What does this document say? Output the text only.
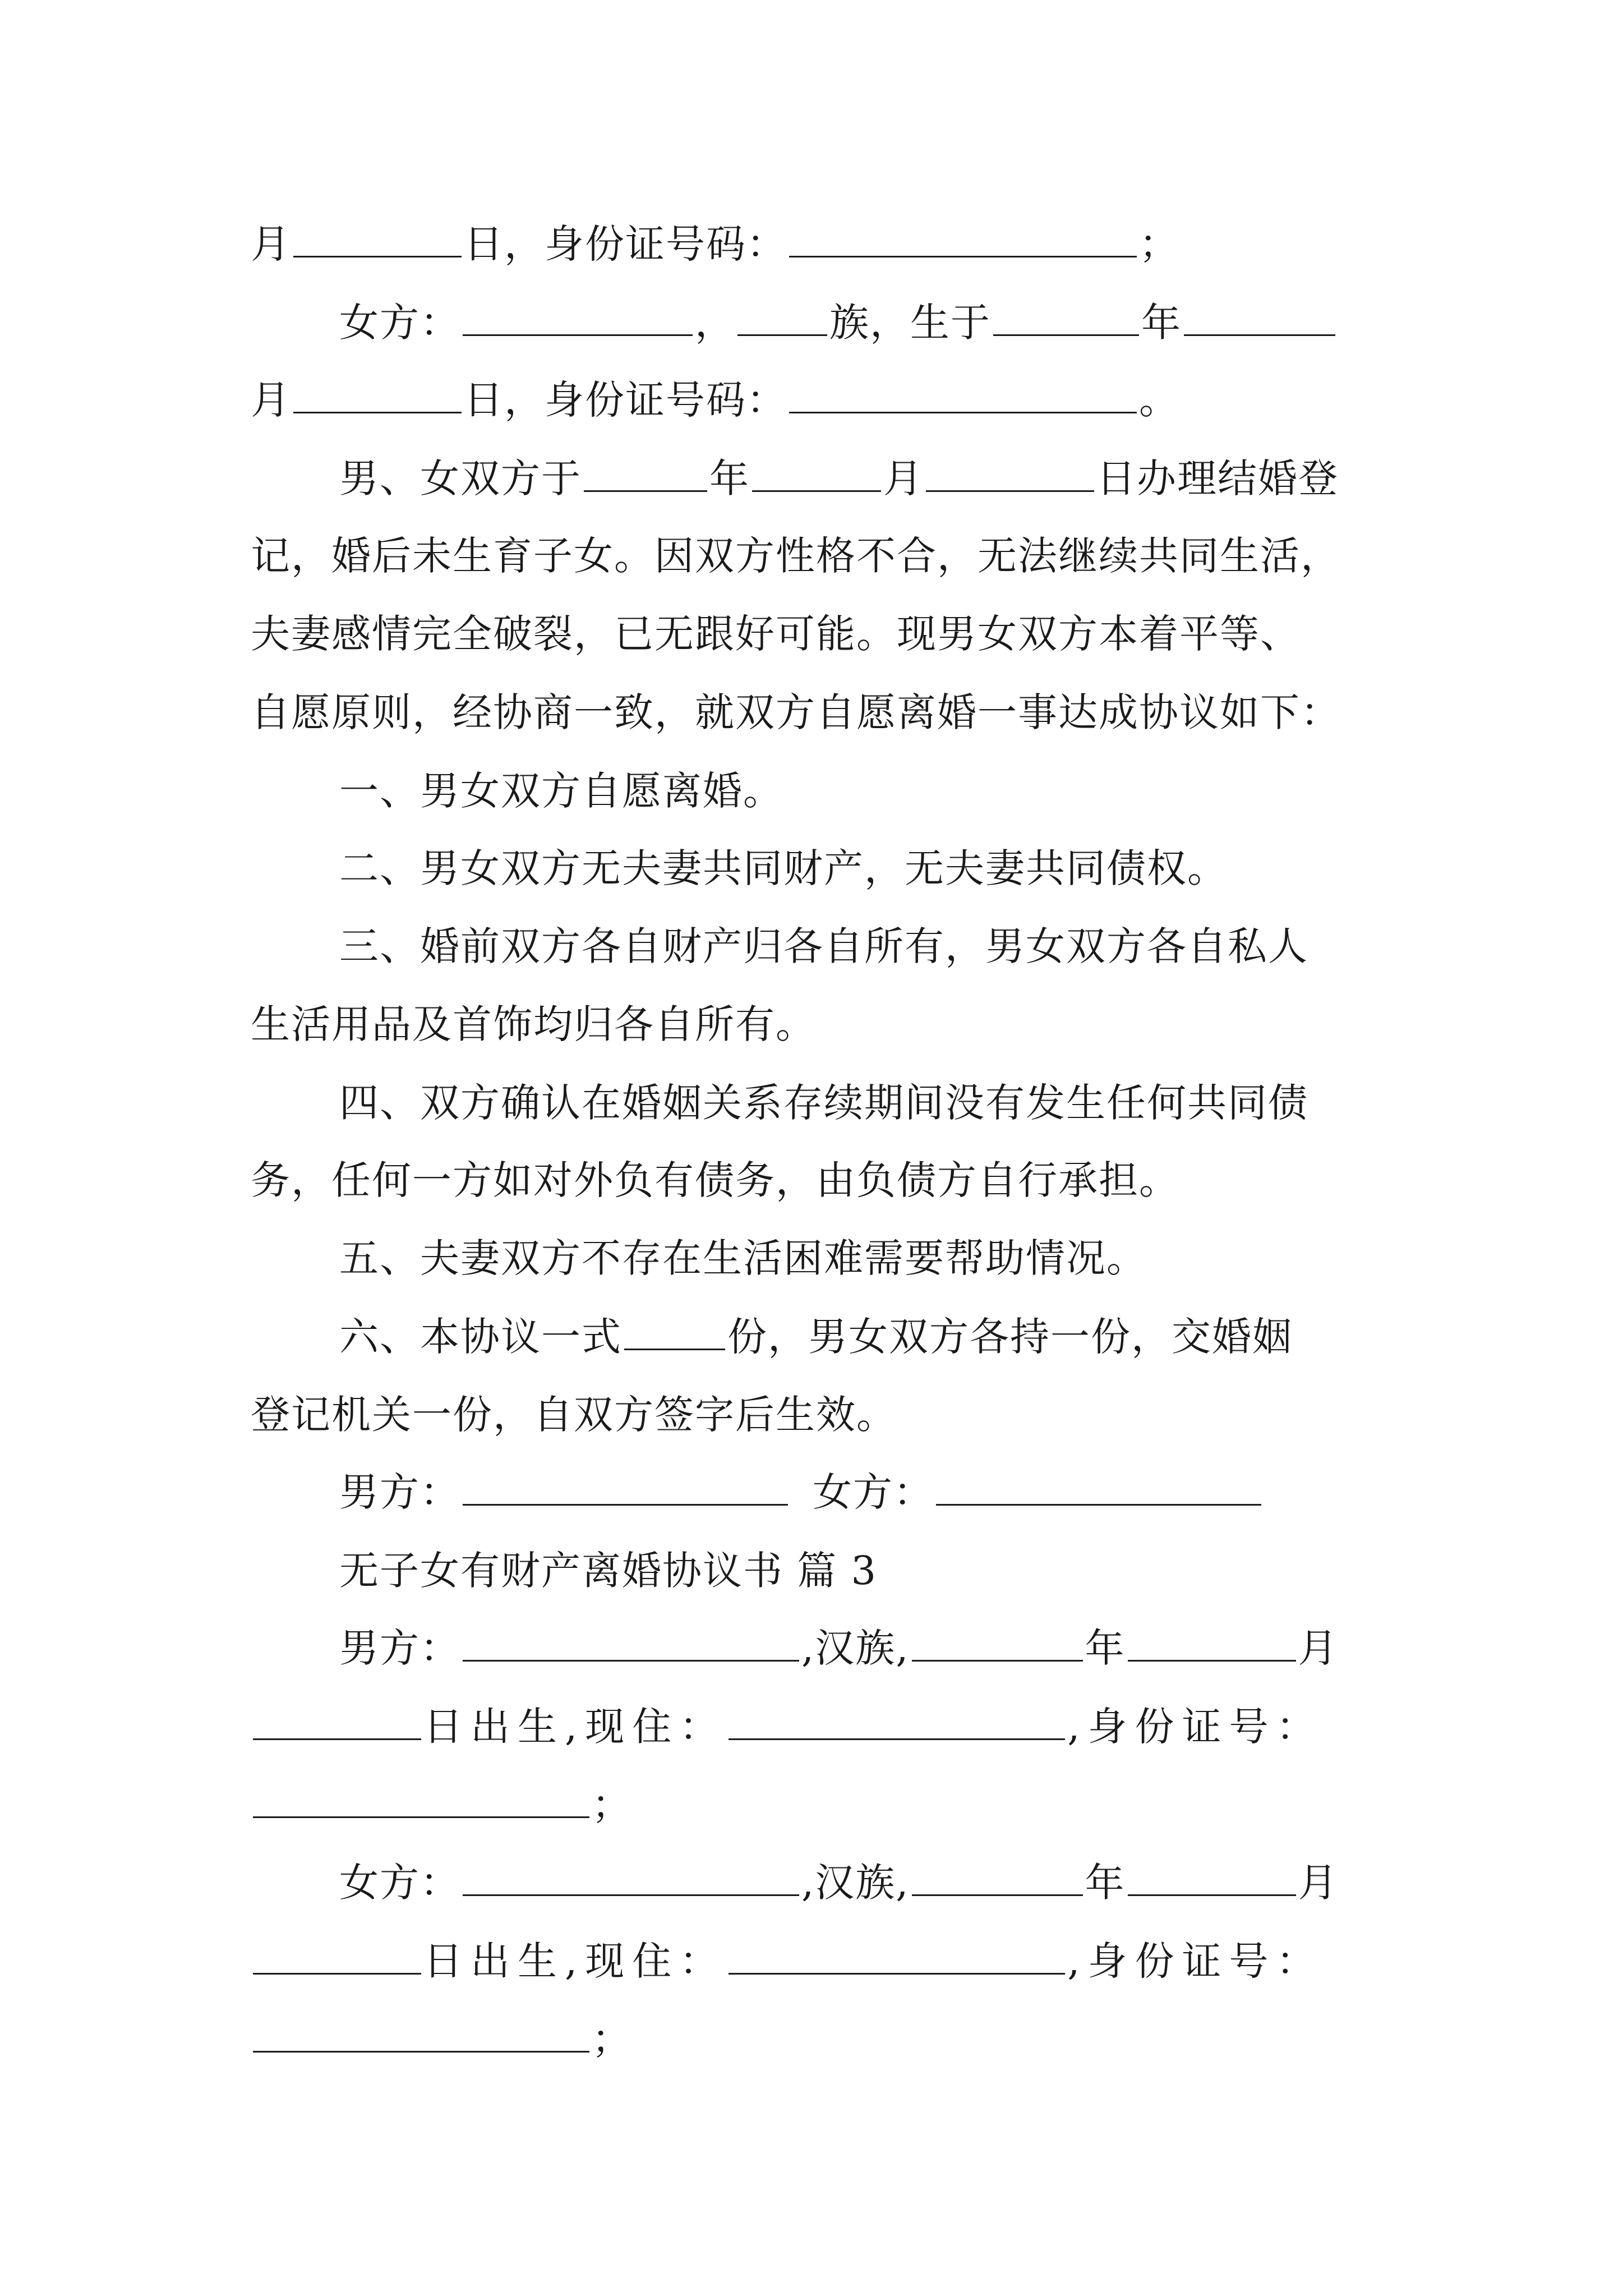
月	日，身份证号码：	；
女方：	， 族，生于	年
月	日，身份证号码：	。
男、女双方于	年	月	日办理结婚登
记，婚后未生育子女。因双方性格不合，无法继续共同生活，
夫妻感情完全破裂，已无跟好可能。现男女双方本着平等、
自愿原则，经协商一致，就双方自愿离婚一事达成协议如下：
一、男女双方自愿离婚。
二、男女双方无夫妻共同财产，无夫妻共同债权。
三、婚前双方各自财产归各自所有，男女双方各自私人
生活用品及首饰均归各自所有。
四、双方确认在婚姻关系存续期间没有发生任何共同债
务，任何一方如对外负有债务，由负债方自行承担。
五、夫妻双方不存在生活困难需要帮助情况。
六、本协议一式	份，男女双方各持一份，交婚姻
登记机关一份，自双方签字后生效。
男方：	女方：
无子女有财产离婚协议书 篇 3
男方：	,汉族,	年	月
日出生,现住：	,身份证号：
；
女方：	,汉族,	年	月
日出生,现住：	,身份证号：
；
